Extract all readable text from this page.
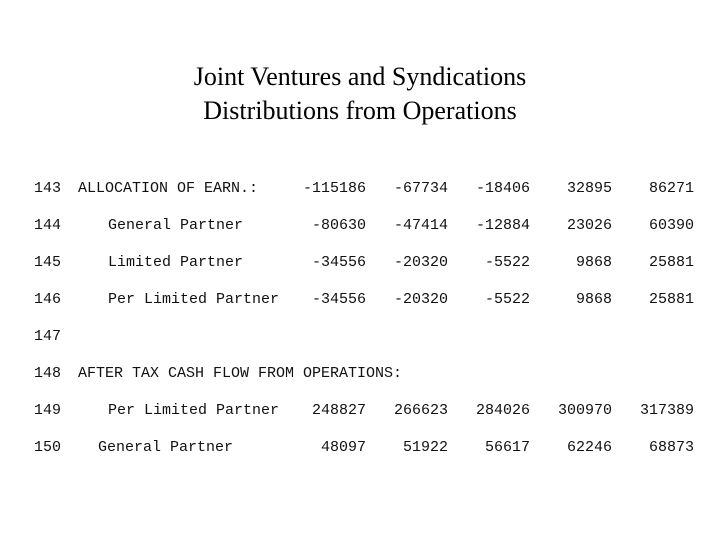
Joint Ventures and Syndications
Distributions from Operations
143	ALLOCATION OF EARN.:	-115186	-67734	-18406	32895	86271
144	General Partner	-80630	-47414	-12884	23026	60390
145	Limited Partner	-34556	-20320	-5522	9868	25881
146	Per Limited Partner	-34556	-20320	-5522	9868	25881
147
148	AFTER TAX CASH FLOW FROM OPERATIONS:
149	Per Limited Partner	248827	266623	284026	300970	317389
150	General Partner	48097	51922	56617	62246	68873
